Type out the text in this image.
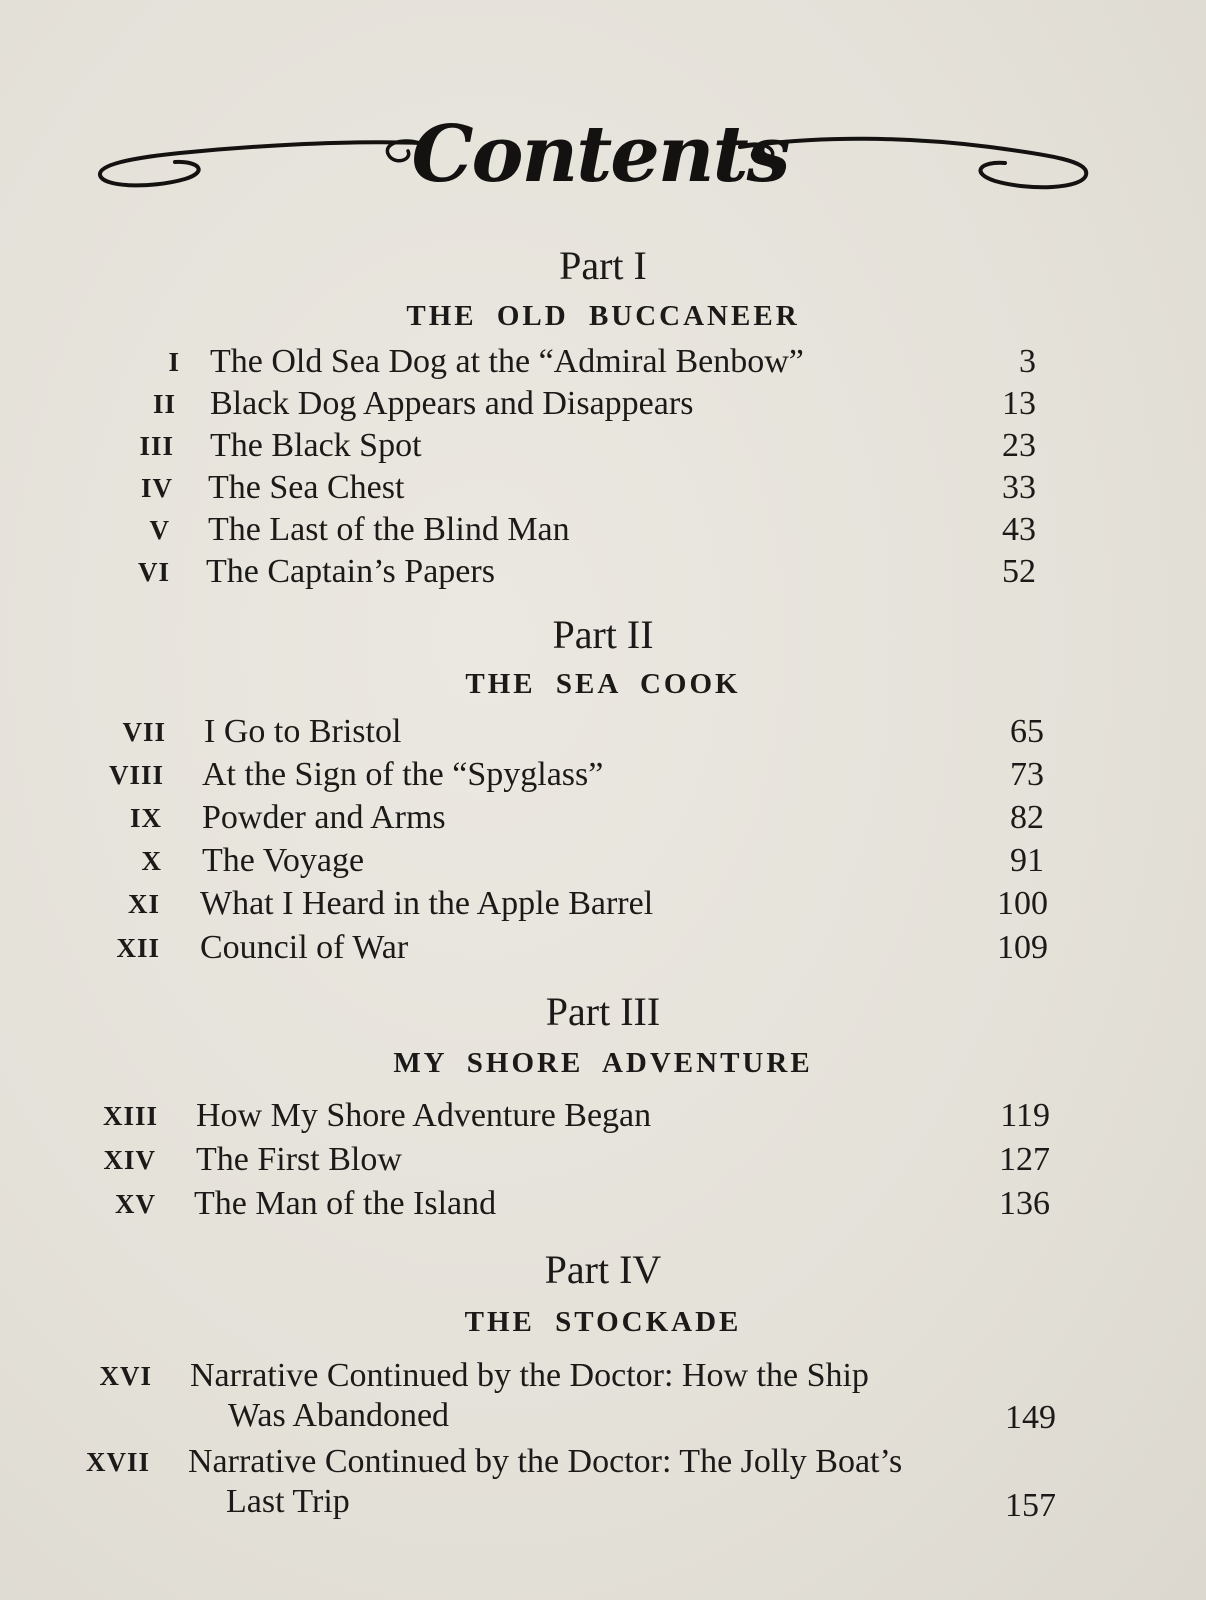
Contents
Part I
THE OLD BUCCANEER
I The Old Sea Dog at the “Admiral Benbow”	3
II Black Dog Appears and Disappears	13
III The Black Spot	23
IV The Sea Chest	33
V The Last of the Blind Man	43
VI The Captain’s Papers	52
Part II
THE SEA COOK
VII I Go to Bristol	65
VIII At the Sign of the “Spyglass”	73
IX Powder and Arms	82
X The Voyage	91
XI What I Heard in the Apple Barrel	100
XII Council of War	109
Part III
MY SHORE ADVENTURE
XIII How My Shore Adventure Began	119
XIV The First Blow	127
XV The Man of the Island	136
Part IV
THE STOCKADE
XVI Narrative Continued by the Doctor: How the Ship
Was Abandoned	149
XVII Narrative Continued by the Doctor: The Jolly Boat’s
Last Trip	157
